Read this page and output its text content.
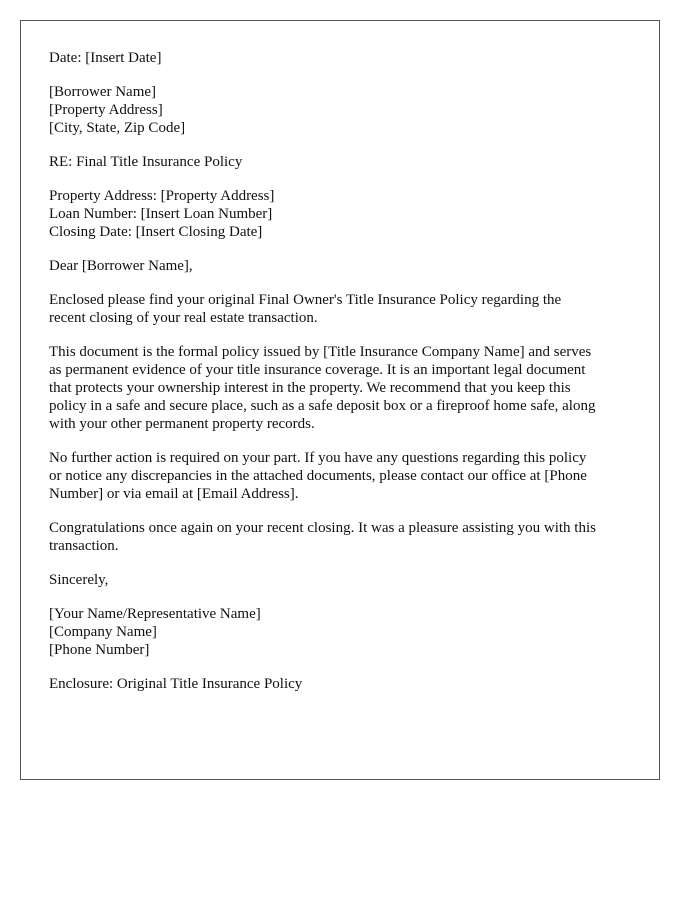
Date: [Insert Date]

[Borrower Name]
[Property Address]
[City, State, Zip Code]

RE: Final Title Insurance Policy

Property Address: [Property Address]
Loan Number: [Insert Loan Number]
Closing Date: [Insert Closing Date]

Dear [Borrower Name],

Enclosed please find your original Final Owner's Title Insurance Policy regarding the
recent closing of your real estate transaction.

This document is the formal policy issued by [Title Insurance Company Name] and serves
as permanent evidence of your title insurance coverage. It is an important legal document
that protects your ownership interest in the property. We recommend that you keep this
policy in a safe and secure place, such as a safe deposit box or a fireproof home safe, along
with your other permanent property records.

No further action is required on your part. If you have any questions regarding this policy
or notice any discrepancies in the attached documents, please contact our office at [Phone
Number] or via email at [Email Address].

Congratulations once again on your recent closing. It was a pleasure assisting you with this
transaction.

Sincerely,

[Your Name/Representative Name]
[Company Name]
[Phone Number]

Enclosure: Original Title Insurance Policy
